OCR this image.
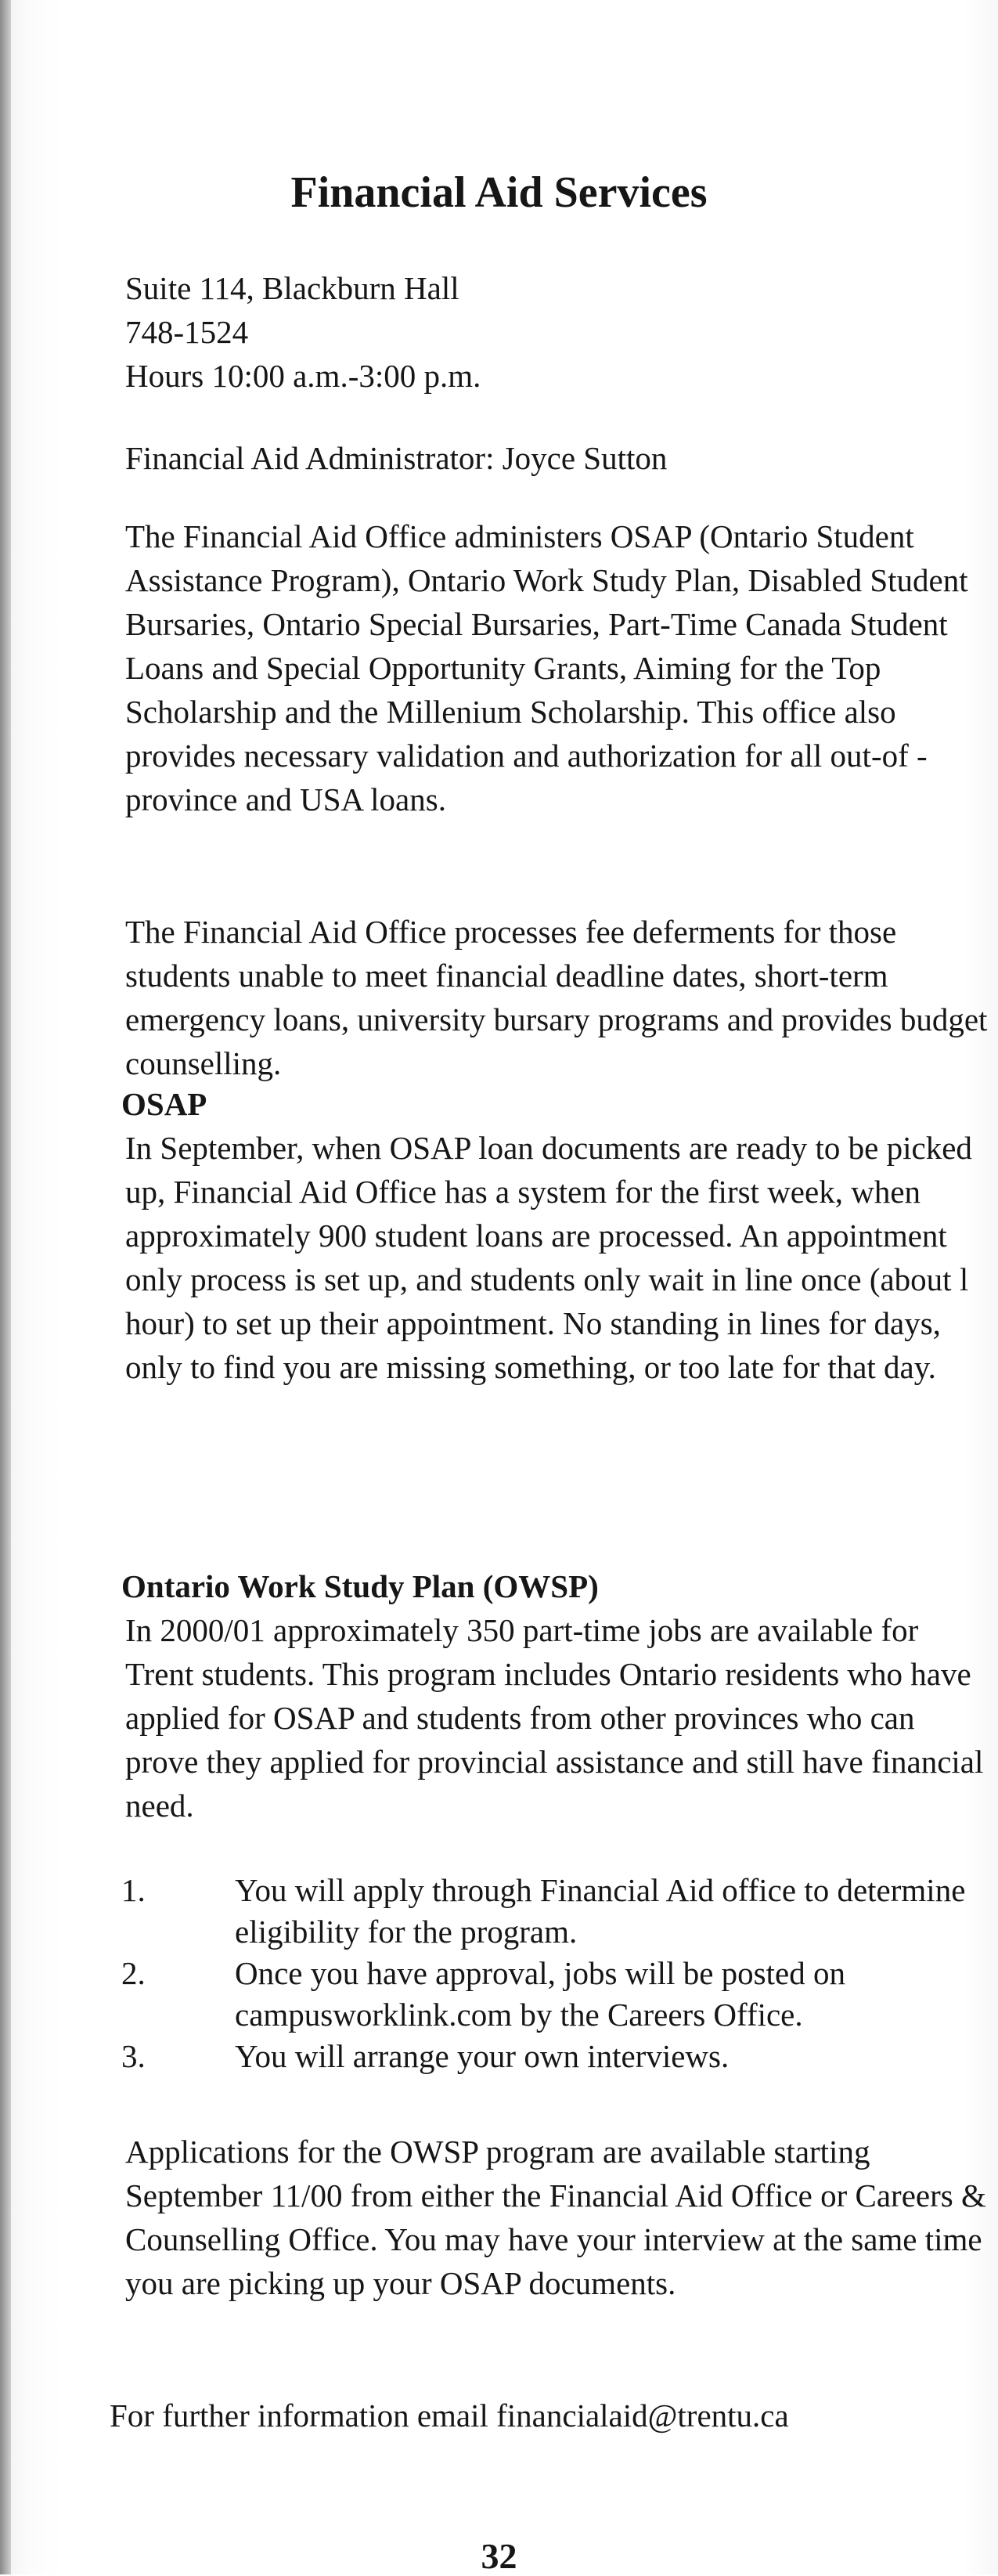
Financial Aid Services

Suite 114, Blackburn Hall

748-1524

Hours 10:00 a.m.-3:00 p.m.

Financial Aid Administrator: Joyce Sutton

The Financial Aid Office administers OSAP (Ontario Student Assistance Program), Ontario Work Study Plan, Disabled Student Bursaries, Ontario Special Bursaries, Part-Time Canada Student Loans and Special Opportunity Grants, Aiming for the Top Scholarship and the Millenium Scholarship. This office also provides necessary validation and authorization for all out-of -province and USA loans.

The Financial Aid Office processes fee deferments for those students unable to meet financial deadline dates, short-term emergency loans, university bursary programs and provides budget counselling.

OSAP

In September, when OSAP loan documents are ready to be picked up, Financial Aid Office has a system for the first week, when approximately 900 student loans are processed. An appointment only process is set up, and students only wait in line once (about l hour) to set up their appointment. No standing in lines for days, only to find you are missing something, or too late for that day.

Ontario Work Study Plan (OWSP)

In 2000/01 approximately 350 part-time jobs are available for Trent students. This program includes Ontario residents who have applied for OSAP and students from other provinces who can prove they applied for provincial assistance and still have financial need.

1.	You will apply through Financial Aid office to determine eligibility for the program.
2.	Once you have approval, jobs will be posted on campusworklink.com by the Careers Office.
3.	You will arrange your own interviews.

Applications for the OWSP program are available starting September 11/00 from either the Financial Aid Office or Careers & Counselling Office. You may have your interview at the same time you are picking up your OSAP documents.

For further information email financialaid@trentu.ca

32
